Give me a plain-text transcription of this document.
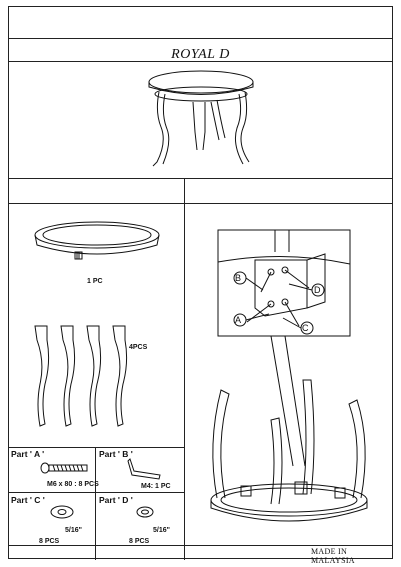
ROYAL D
1 PC
4PCS
Part ' A '
M6 x 80 : 8 PCS
Part ' B '
M4: 1 PC
Part ' C '
5/16"
8 PCS
Part ' D '
5/16"
8 PCS
B
D
A
C
MADE IN MALAYSIA
